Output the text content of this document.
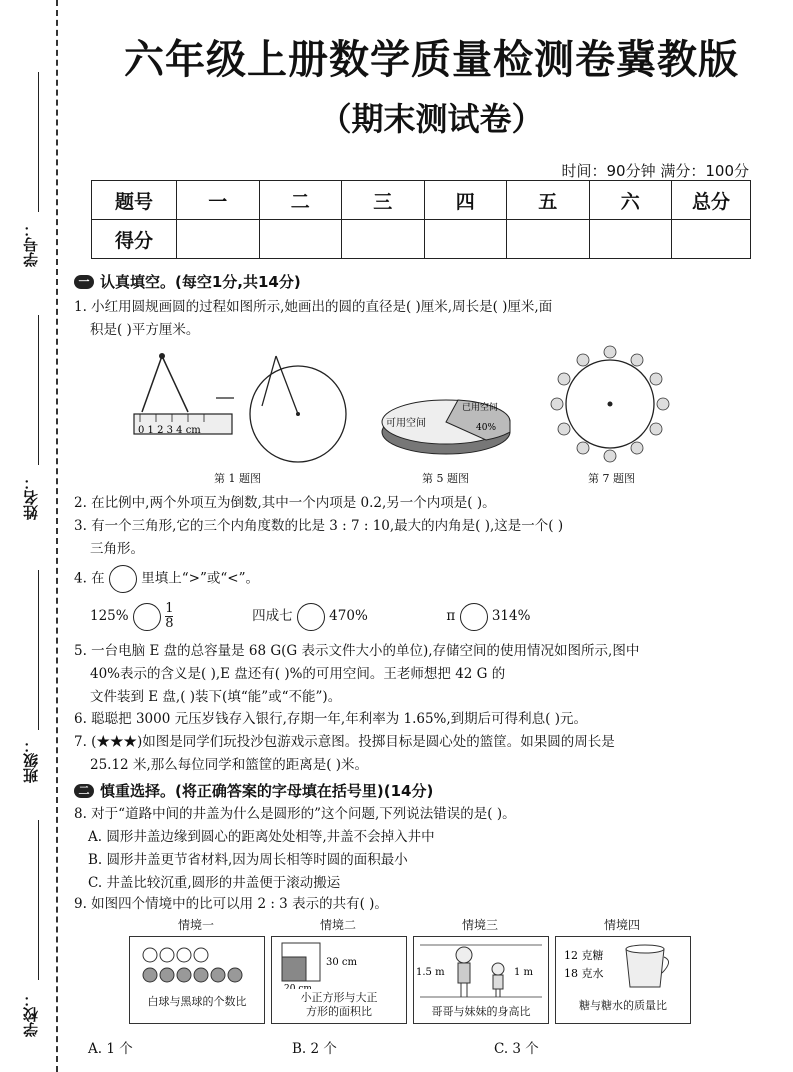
学号：
姓名：
班级：
学校：
六年级上册数学质量检测卷冀教版
（期末测试卷）
时间：90分钟 满分：100分
题号	一	二	三	四	五	六	总分
得分							
一 认真填空。(每空1分,共14分)
1. 小红用圆规画圆的过程如图所示,她画出的圆的直径是( )厘米,周长是( )厘米,面
积是( )平方厘米。
0 1 2 3 4 cm
第 1 题图
可用空间
已用空间
40%
第 5 题图	第 7 题图
2. 在比例中,两个外项互为倒数,其中一个内项是 0.2,另一个内项是( )。
3. 有一个三角形,它的三个内角度数的比是 3 : 7 : 10,最大的内角是( ),这是一个( )
三角形。
4. 在	里填上“>”或“<”。
125%	$\frac{1}{8}$	四成七	470%	π	314%
5. 一台电脑 E 盘的总容量是 68 G(G 表示文件大小的单位),存储空间的使用情况如图所示,图中
40%表示的含义是( ),E 盘还有( )%的可用空间。王老师想把 42 G 的
文件装到 E 盘,( )装下(填“能”或“不能”)。
6. 聪聪把 3000 元压岁钱存入银行,存期一年,年利率为 1.65%,到期后可得利息( )元。
7. (★★★)如图是同学们玩投沙包游戏示意图。投掷目标是圆心处的篮筐。如果圆的周长是
25.12 米,那么每位同学和篮筐的距离是( )米。
二 慎重选择。(将正确答案的字母填在括号里)(14分)
8. 对于“道路中间的井盖为什么是圆形的”这个问题,下列说法错误的是( )。
A. 圆形井盖边缘到圆心的距离处处相等,井盖不会掉入井中
B. 圆形井盖更节省材料,因为周长相等时圆的面积最小
C. 井盖比较沉重,圆形的井盖便于滚动搬运
9. 如图四个情境中的比可以用 2 : 3 表示的共有( )。
情境一
白球与黑球的个数比
情境二
30 cm
20 cm
小正方形与大正
方形的面积比
情境三
1.5 m	1 m
哥哥与妹妹的身高比
情境四
12 克糖
18 克水
糖与糖水的质量比
A. 1 个	B. 2 个	C. 3 个
